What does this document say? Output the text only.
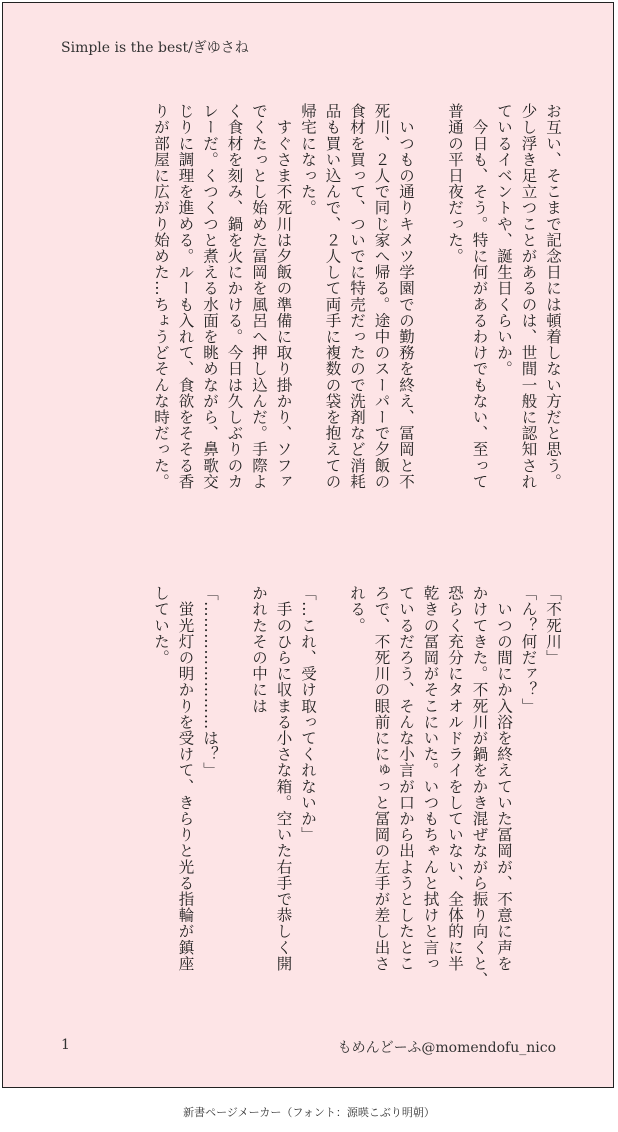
Simple is the best/ぎゆさね
お互い、そこまで記念日には頓着しない方だと思う。
少し浮き足立つことがあるのは、世間一般に認知され
ているイベントや、誕生日くらいか。
　今日も、そう。特に何があるわけでもない、至って
普通の平日夜だった。

　いつもの通りキメツ学園での勤務を終え、冨岡と不
死川、２人で同じ家へ帰る。途中のスーパーで夕飯の
食材を買って、ついでに特売だったので洗剤など消耗
品も買い込んで、２人して両手に複数の袋を抱えての
帰宅になった。
　すぐさま不死川は夕飯の準備に取り掛かり、ソファ
でくたっとし始めた冨岡を風呂へ押し込んだ。手際よ
く食材を刻み、鍋を火にかける。今日は久しぶりのカ
レーだ。くつくつと煮える水面を眺めながら、鼻歌交
じりに調理を進める。ルーも入れて、食欲をそそる香
りが部屋に広がり始めた…ちょうどそんな時だった。
「不死川」
「ん？何だァ？」
　いつの間にか入浴を終えていた冨岡が、不意に声を
かけてきた。不死川が鍋をかき混ぜながら振り向くと、
恐らく充分にタオルドライをしていない、全体的に半
乾きの冨岡がそこにいた。いつもちゃんと拭けと言っ
ているだろう、そんな小言が口から出ようとしたとこ
ろで、不死川の眼前ににゅっと冨岡の左手が差し出さ
れる。

「…これ、受け取ってくれないか」
　手のひらに収まる小さな箱。空いた右手で恭しく開
かれたその中には

「……………………は？」
　蛍光灯の明かりを受けて、きらりと光る指輪が鎮座
していた。
1	もめんどーふ@momendofu_nico
新書ページメーカー（フォント：源暎こぶり明朝）
